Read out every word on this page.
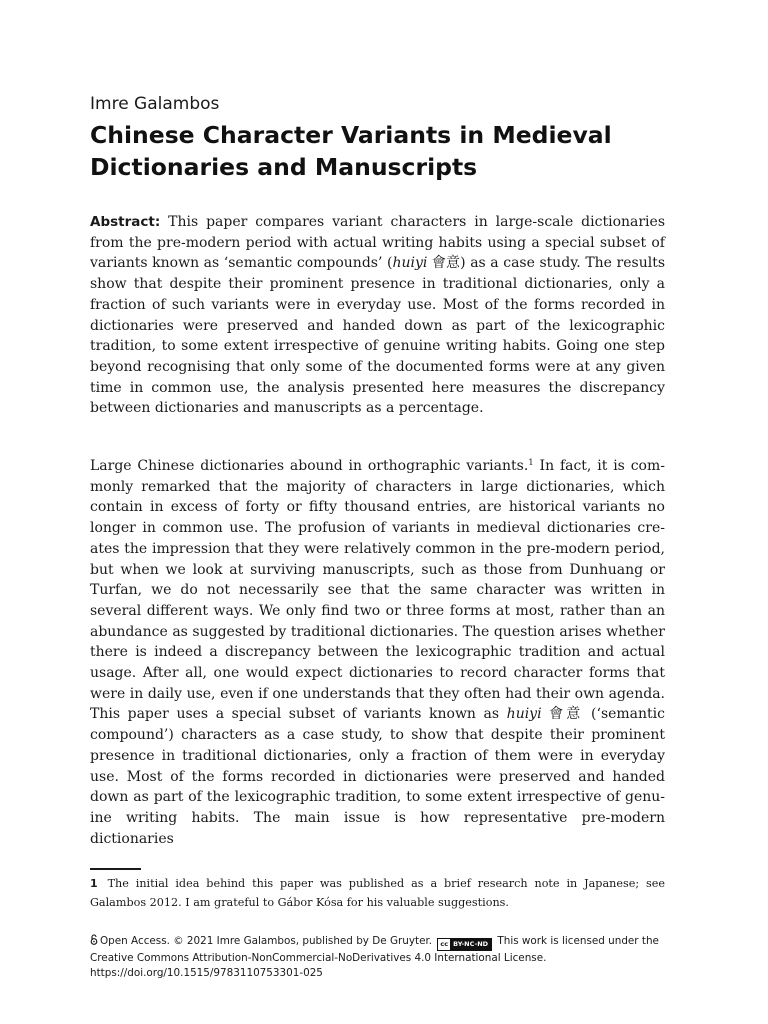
Imre Galambos

Chinese Character Variants in Medieval
Dictionaries and Manuscripts

Abstract: This paper compares variant characters in large-scale dictionaries from the pre-modern period with actual writing habits using a special subset of variants known as ‘semantic compounds’ (huiyi 會意) as a case study. The results show that despite their prominent presence in traditional dictionaries, only a fraction of such variants were in everyday use. Most of the forms recorded in dictionaries were preserved and handed down as part of the lexicographic tradition, to some extent irrespective of genuine writing habits. Going one step beyond recognising that only some of the documented forms were at any given time in common use, the analysis presented here measures the discrepancy between dictionaries and manuscripts as a percentage.

Large Chinese dictionaries abound in orthographic variants.$^1$ In fact, it is commonly remarked that the majority of characters in large dictionaries, which contain in excess of forty or fifty thousand entries, are historical variants no longer in common use. The profusion of variants in medieval dictionaries creates the impression that they were relatively common in the pre-modern period, but when we look at surviving manuscripts, such as those from Dunhuang or Turfan, we do not necessarily see that the same character was written in several different ways. We only find two or three forms at most, rather than an abundance as suggested by traditional dictionaries. The question arises whether there is indeed a discrepancy between the lexicographic tradition and actual usage. After all, one would expect dictionaries to record character forms that were in daily use, even if one understands that they often had their own agenda. This paper uses a special subset of variants known as huiyi 會意 (‘semantic compound’) characters as a case study, to show that despite their prominent presence in traditional dictionaries, only a fraction of them were in everyday use. Most of the forms recorded in dictionaries were preserved and handed down as part of the lexicographic tradition, to some extent irrespective of genuine writing habits. The main issue is how representative pre-modern dictionaries

1 The initial idea behind this paper was published as a brief research note in Japanese; see Galambos 2012. I am grateful to Gábor Kósa for his valuable suggestions.

Open Access. © 2021 Imre Galambos, published by De Gruyter.	cc BY-NC-ND This work is licensed under the Creative Commons Attribution-NonCommercial-NoDerivatives 4.0 International License.
https://doi.org/10.1515/9783110753301-025
